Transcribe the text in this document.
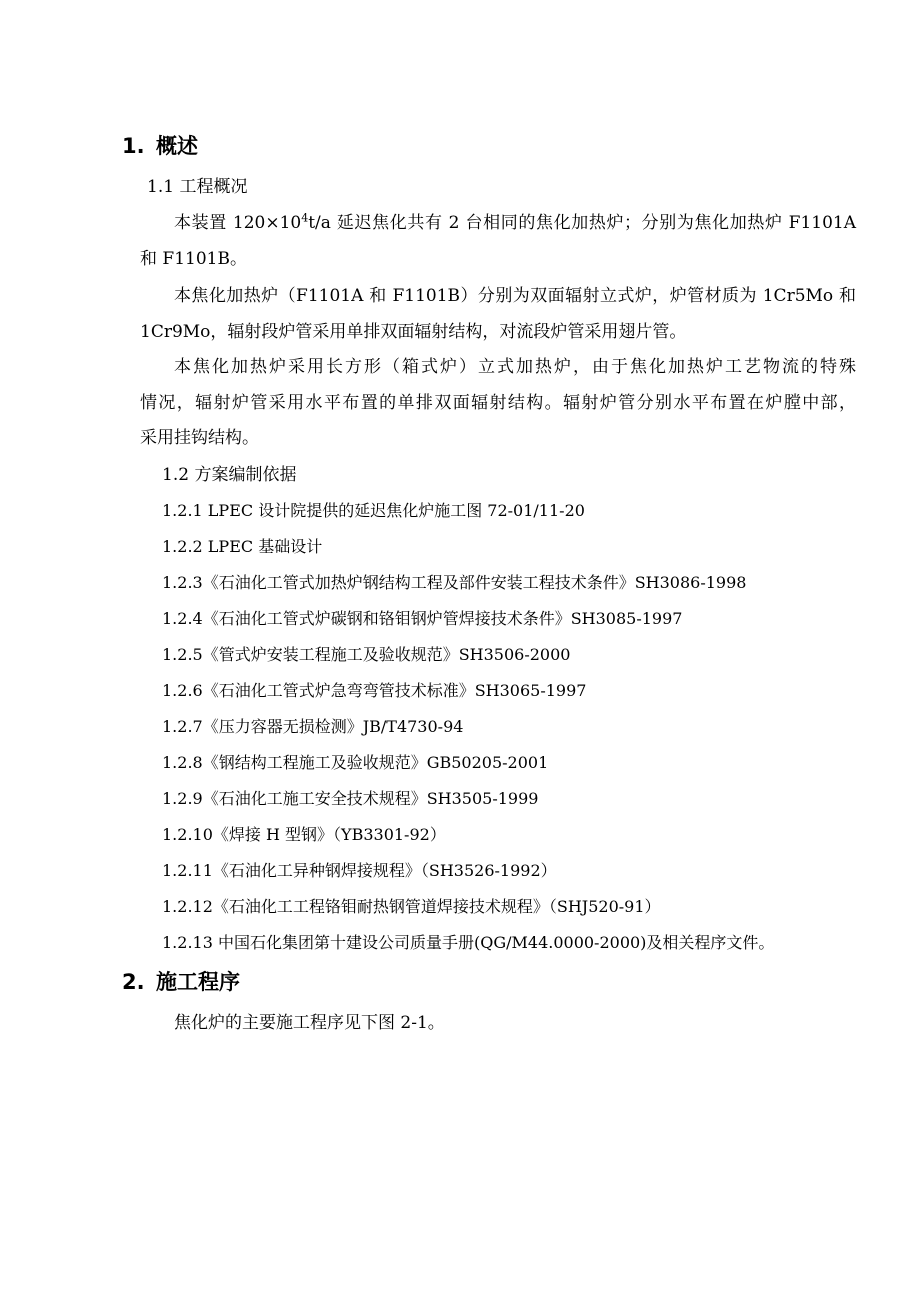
1. 概述
1.1 工程概况
本装置 $120\times 10^4t/a$ 延迟焦化共有 2 台相同的焦化加热炉；分别为焦化加热炉 F1101A
和 F1101B。
本焦化加热炉（F1101A 和 F1101B）分别为双面辐射立式炉，炉管材质为 1Cr5Mo 和
1Cr9Mo，辐射段炉管采用单排双面辐射结构，对流段炉管采用翅片管。
本焦化加热炉采用长方形（箱式炉）立式加热炉，由于焦化加热炉工艺物流的特殊
情况，辐射炉管采用水平布置的单排双面辐射结构。辐射炉管分别水平布置在炉膛中部，
采用挂钩结构。
1.2 方案编制依据
1.2.1 LPEC 设计院提供的延迟焦化炉施工图 72-01/11-20
1.2.2 LPEC 基础设计
1.2.3《石油化工管式加热炉钢结构工程及部件安装工程技术条件》SH3086-1998
1.2.4《石油化工管式炉碳钢和铬钼钢炉管焊接技术条件》SH3085-1997
1.2.5《管式炉安装工程施工及验收规范》SH3506-2000
1.2.6《石油化工管式炉急弯弯管技术标准》SH3065-1997
1.2.7《压力容器无损检测》JB/T4730-94
1.2.8《钢结构工程施工及验收规范》GB50205-2001
1.2.9《石油化工施工安全技术规程》SH3505-1999
1.2.10《焊接 H 型钢》（YB3301-92）
1.2.11《石油化工异种钢焊接规程》（SH3526-1992）
1.2.12《石油化工工程铬钼耐热钢管道焊接技术规程》（SHJ520-91）
1.2.13 中国石化集团第十建设公司质量手册(QG/M44.0000-2000)及相关程序文件。
2. 施工程序
焦化炉的主要施工程序见下图 2-1。
